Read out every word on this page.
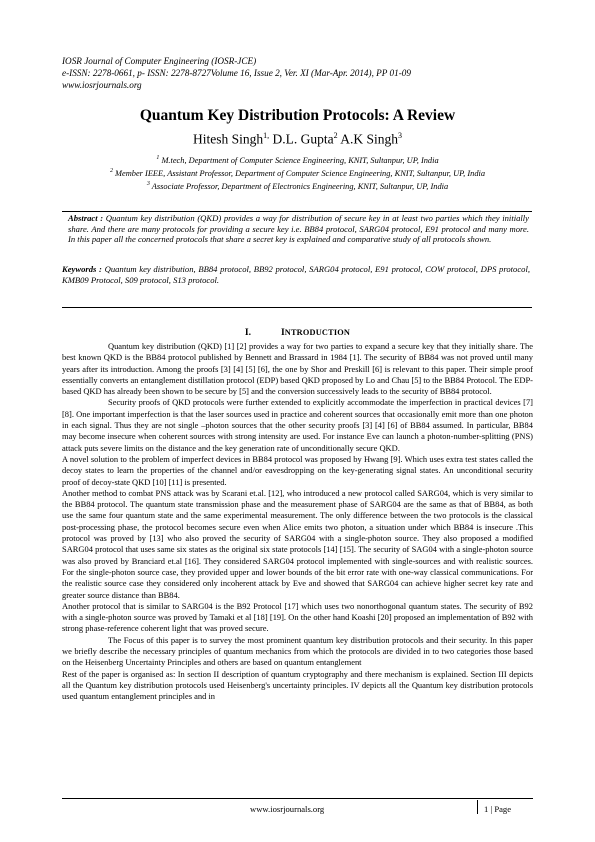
IOSR Journal of Computer Engineering (IOSR-JCE)
e-ISSN: 2278-0661, p- ISSN: 2278-8727Volume 16, Issue 2, Ver. XI (Mar-Apr. 2014), PP 01-09
www.iosrjournals.org
Quantum Key Distribution Protocols: A Review
Hitesh Singh$^{1,}$ D.L. Gupta$^2$ A.K Singh$^3$
$^1$ M.tech, Department of Computer Science Engineering, KNIT, Sultanpur, UP, India
$^2$ Member IEEE, Assistant Professor, Department of Computer Science Engineering, KNIT, Sultanpur, UP, India
$^3$ Associate Professor, Department of Electronics Engineering, KNIT, Sultanpur, UP, India
Abstract : Quantum key distribution (QKD) provides a way for distribution of secure key in at least two parties which they initially share. And there are many protocols for providing a secure key i.e. BB84 protocol, SARG04 protocol, E91 protocol and many more. In this paper all the concerned protocols that share a secret key is explained and comparative study of all protocols shown.
Keywords : Quantum key distribution, BB84 protocol, BB92 protocol, SARG04 protocol, E91 protocol, COW protocol, DPS protocol, KMB09 Protocol, S09 protocol, S13 protocol.
I.	INTRODUCTION

Quantum key distribution (QKD) [1] [2] provides a way for two parties to expand a secure key that they initially share. The best known QKD is the BB84 protocol published by Bennett and Brassard in 1984 [1]. The security of BB84 was not proved until many years after its introduction. Among the proofs [3] [4] [5] [6], the one by Shor and Preskill [6] is relevant to this paper. Their simple proof essentially converts an entanglement distillation protocol (EDP) based QKD proposed by Lo and Chau [5] to the BB84 Protocol. The EDP-based QKD has already been shown to be secure by [5] and the conversion successively leads to the security of BB84 protocol.

Security proofs of QKD protocols were further extended to explicitly accommodate the imperfection in practical devices [7] [8]. One important imperfection is that the laser sources used in practice and coherent sources that occasionally emit more than one photon in each signal. Thus they are not single –photon sources that the other security proofs [3] [4] [6] of BB84 assumed. In particular, BB84 may become insecure when coherent sources with strong intensity are used. For instance Eve can launch a photon-number-splitting (PNS) attack puts severe limits on the distance and the key generation rate of unconditionally secure QKD.

A novel solution to the problem of imperfect devices in BB84 protocol was proposed by Hwang [9]. Which uses extra test states called the decoy states to learn the properties of the channel and/or eavesdropping on the key-generating signal states. An unconditional security proof of decoy-state QKD [10] [11] is presented.

Another method to combat PNS attack was by Scarani et.al. [12], who introduced a new protocol called SARG04, which is very similar to the BB84 protocol. The quantum state transmission phase and the measurement phase of SARG04 are the same as that of BB84, as both use the same four quantum state and the same experimental measurement. The only difference between the two protocols is the classical post-processing phase, the protocol becomes secure even when Alice emits two photon, a situation under which BB84 is insecure .This protocol was proved by [13] who also proved the security of SARG04 with a single-photon source. They also proposed a modified SARG04 protocol that uses same six states as the original six state protocols [14] [15]. The security of SAG04 with a single-photon source was also proved by Branciard et.al [16]. They considered SARG04 protocol implemented with single-sources and with realistic sources. For the single-photon source case, they provided upper and lower bounds of the bit error rate with one-way classical communications. For the realistic source case they considered only incoherent attack by Eve and showed that SARG04 can achieve higher secret key rate and greater source distance than BB84.

Another protocol that is similar to SARG04 is the B92 Protocol [17] which uses two nonorthogonal quantum states. The security of B92 with a single-photon source was proved by Tamaki et al [18] [19]. On the other hand Koashi [20] proposed an implementation of B92 with strong phase-reference coherent light that was proved secure.

The Focus of this paper is to survey the most prominent quantum key distribution protocols and their security. In this paper we briefly describe the necessary principles of quantum mechanics from which the protocols are divided in to two categories those based on the Heisenberg Uncertainty Principles and others are based on quantum entanglement

Rest of the paper is organised as: In section II description of quantum cryptography and there mechanism is explained. Section III depicts all the Quantum key distribution protocols used Heisenberg's uncertainty principles. IV depicts all the Quantum key distribution protocols used quantum entanglement principles and in

www.iosrjournals.org	1 | Page
